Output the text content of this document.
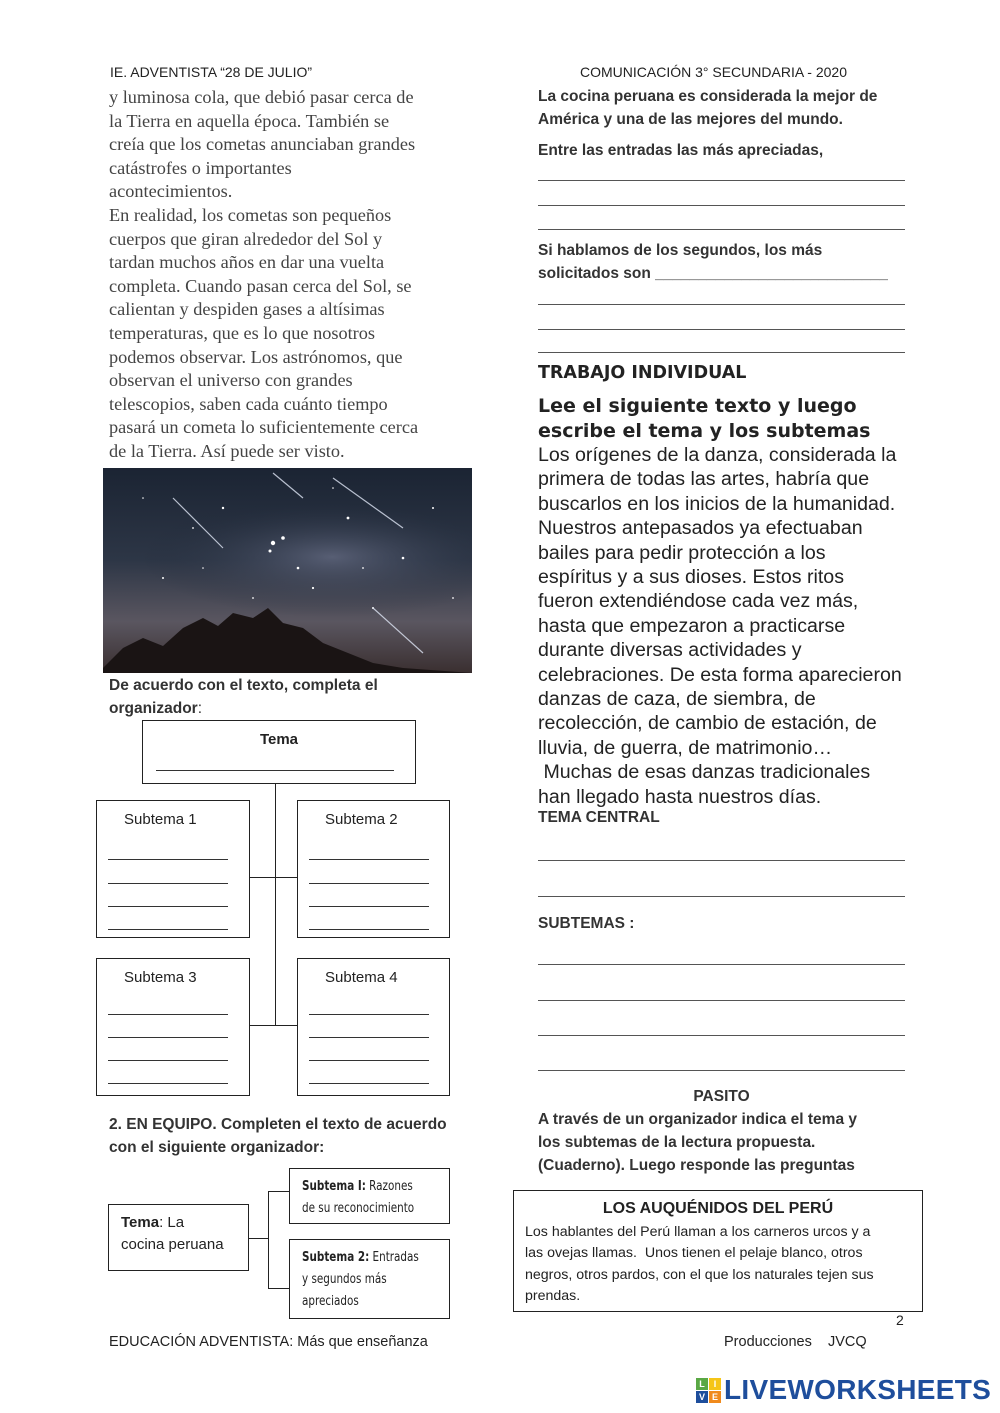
IE. ADVENTISTA “28 DE JULIO”	COMUNICACIÓN 3° SECUNDARIA - 2020

y luminosa cola, que debió pasar cerca de

la Tierra en aquella época. También se

creía que los cometas anunciaban grandes

catástrofes o importantes

acontecimientos.

En realidad, los cometas son pequeños

cuerpos que giran alrededor del Sol y

tardan muchos años en dar una vuelta

completa. Cuando pasan cerca del Sol, se

calientan y despiden gases a altísimas

temperaturas, que es lo que nosotros

podemos observar. Los astrónomos, que

observan el universo con grandes

telescopios, saben cada cuánto tiempo

pasará un cometa lo suficientemente cerca

de la Tierra. Así puede ser visto.

De acuerdo con el texto, completa el
organizador:
Tema
Subtema 1	Subtema 2
Subtema 3	Subtema 4
2. EN EQUIPO. Completen el texto de acuerdo
con el siguiente organizador:
Tema: La
cocina peruana
Subtema I: Razones
de su reconocimiento
Subtema 2: Entradas
y segundos más
apreciados
La cocina peruana es considerada la mejor de
América y una de las mejores del mundo.
Entre las entradas las más apreciadas,
Si hablamos de los segundos, los más
solicitados son ___________________________
TRABAJO INDIVIDUAL
Lee el siguiente texto y luego
escribe el tema y los subtemas

Los orígenes de la danza, considerada la

primera de todas las artes, habría que

buscarlos en los inicios de la humanidad.

Nuestros antepasados ya efectuaban

bailes para pedir protección a los

espíritus y a sus dioses. Estos ritos

fueron extendiéndose cada vez más,

hasta que empezaron a practicarse

durante diversas actividades y

celebraciones. De esta forma aparecieron

danzas de caza, de siembra, de

recolección, de cambio de estación, de

lluvia, de guerra, de matrimonio…

Muchas de esas danzas tradicionales

han llegado hasta nuestros días.

TEMA CENTRAL
SUBTEMAS :
PASITO
A través de un organizador indica el tema y
los subtemas de la lectura propuesta.
(Cuaderno). Luego responde las preguntas
LOS AUQUÉNIDOS DEL PERÚ
Los hablantes del Perú llaman a los carneros urcos y a
las ovejas llamas.  Unos tienen el pelaje blanco, otros
negros, otros pardos, con el que los naturales tejen sus
prendas.
2
EDUCACIÓN ADVENTISTA: Más que enseñanza	Producciones    JVCQ
L I
V E LIVEWORKSHEETS
